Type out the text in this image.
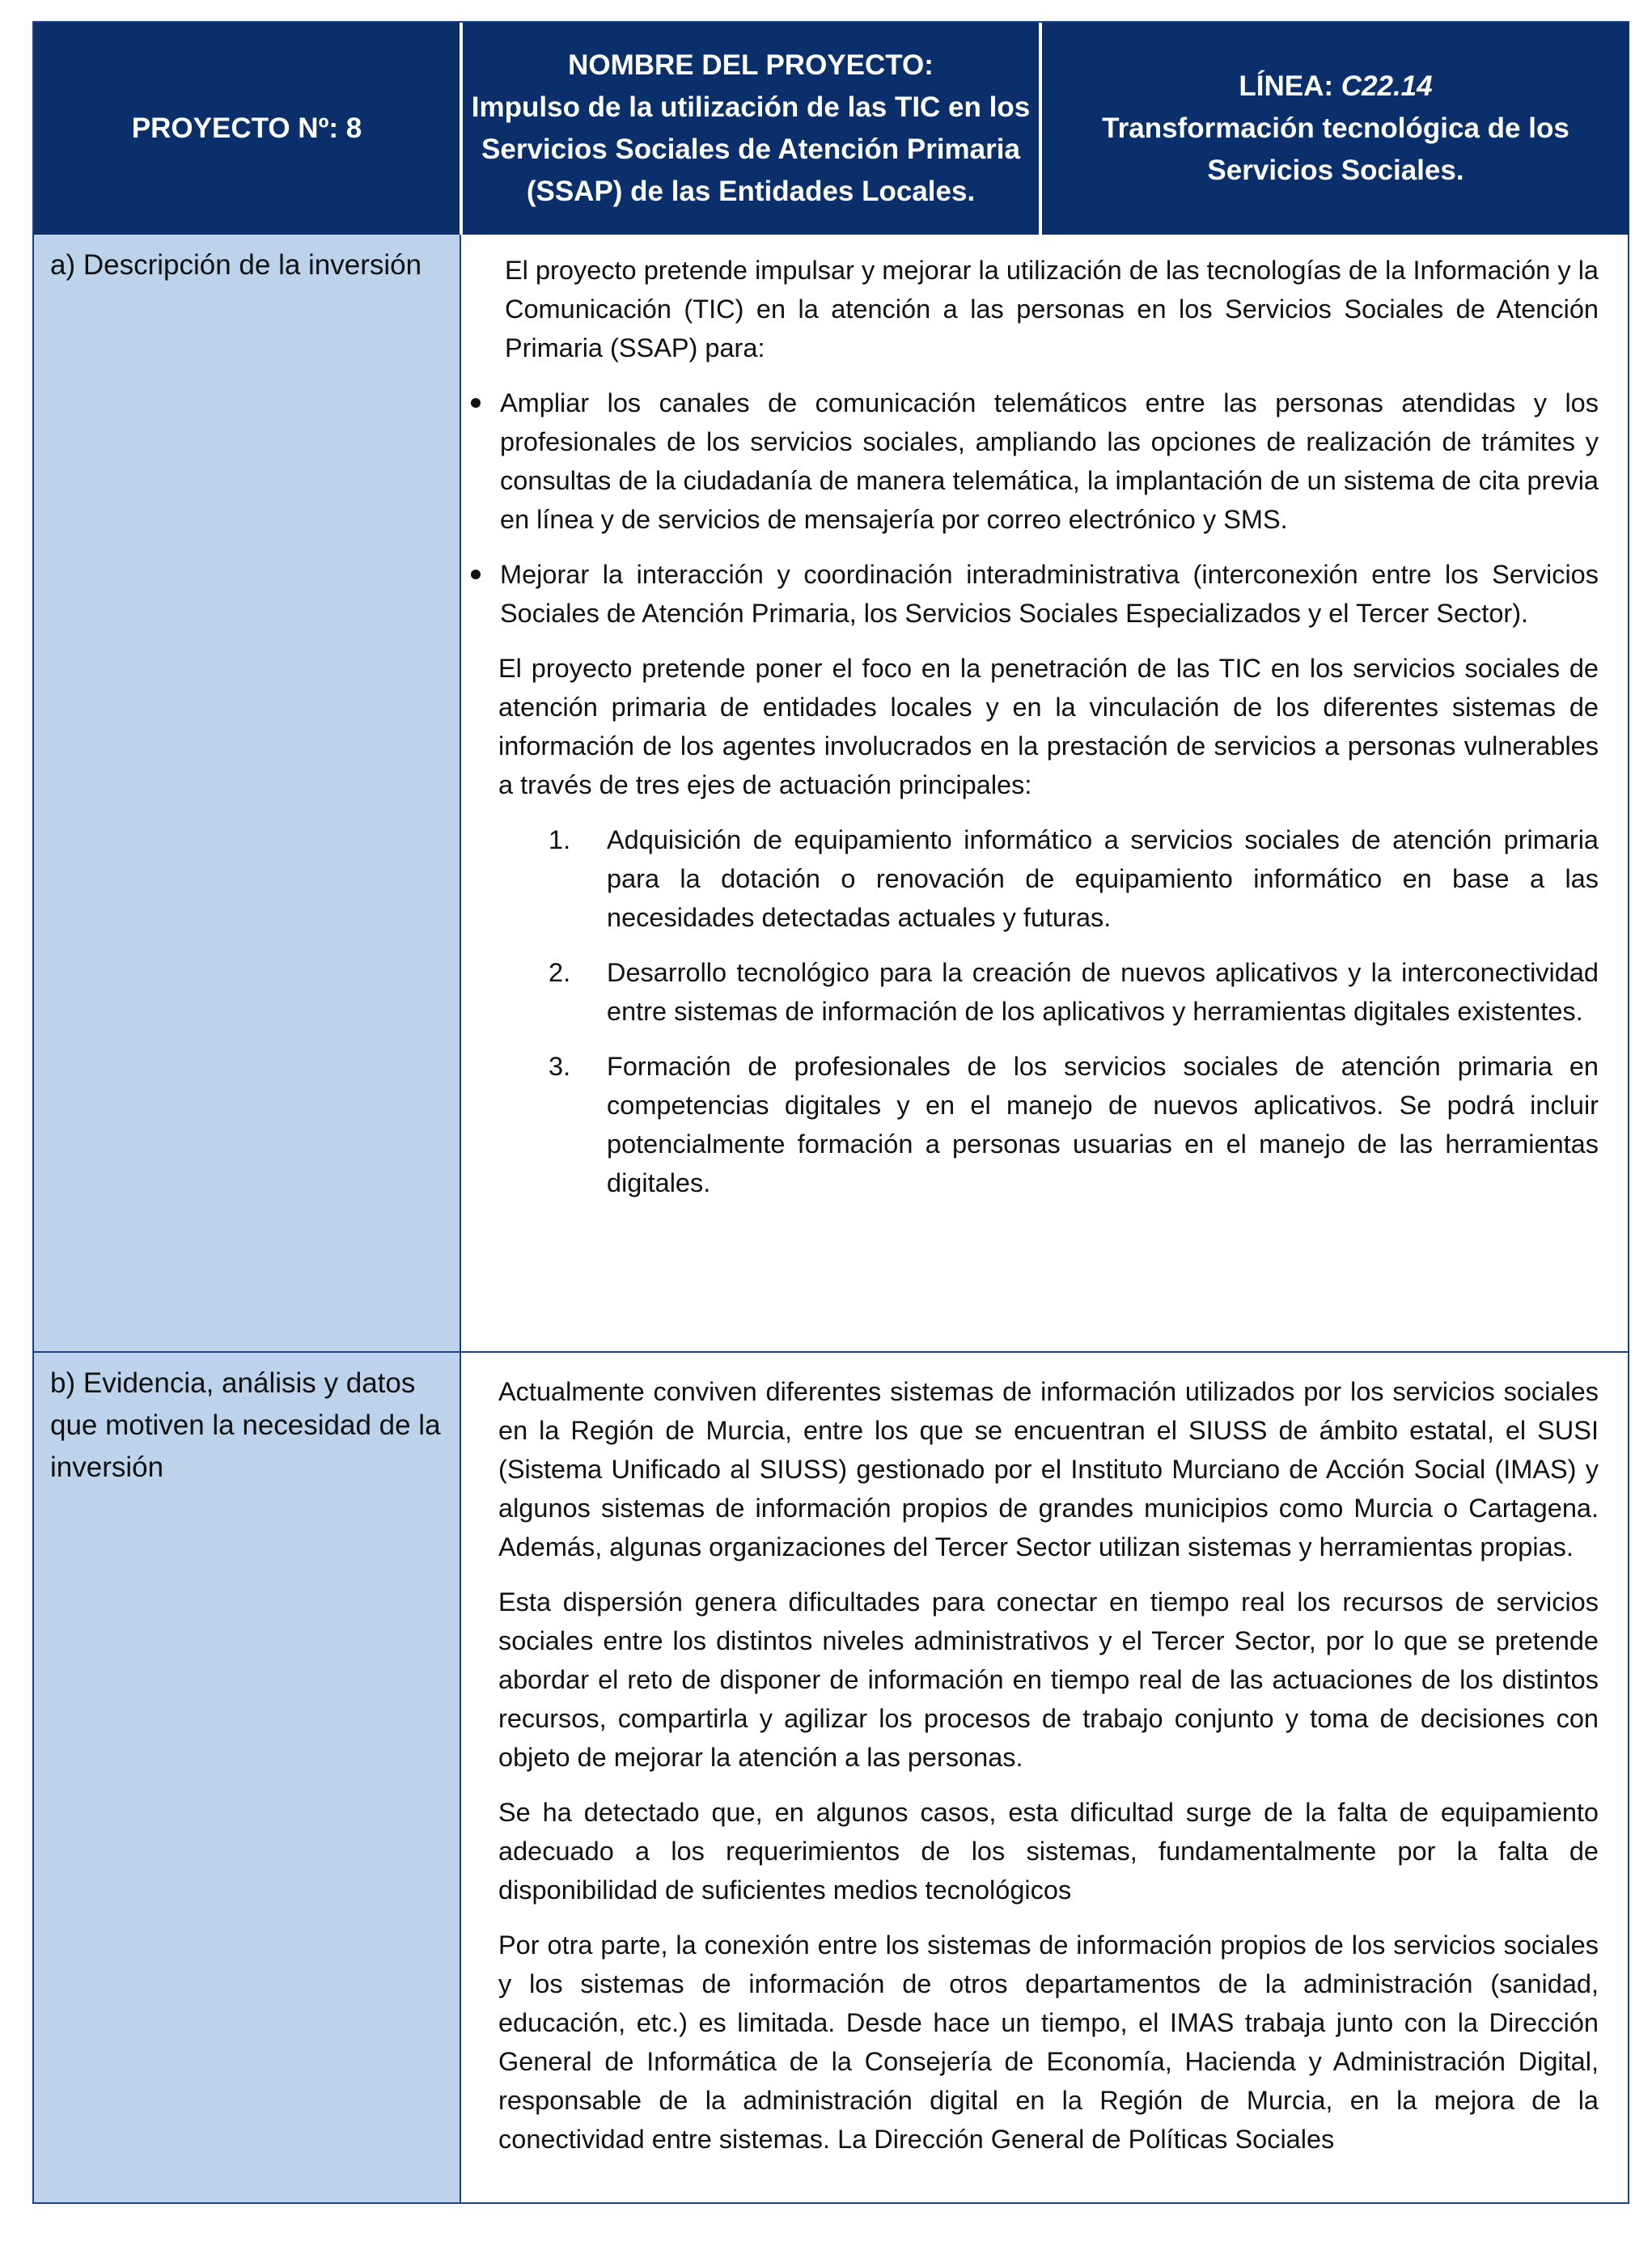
PROYECTO Nº: 8
NOMBRE DEL PROYECTO:
Impulso de la utilización de las TIC en los Servicios Sociales de Atención Primaria (SSAP) de las Entidades Locales.
LÍNEA: C22.14
Transformación tecnológica de los Servicios Sociales.
a) Descripción de la inversión
b) Evidencia, análisis y datos que motiven la necesidad de la inversión

El proyecto pretende impulsar y mejorar la utilización de las tecnologías de la Información y la Comunicación (TIC) en la atención a las personas en los Servicios Sociales de Atención Primaria (SSAP) para:

Ampliar los canales de comunicación telemáticos entre las personas atendidas y los profesionales de los servicios sociales, ampliando las opciones de realización de trámites y consultas de la ciudadanía de manera telemática, la implantación de un sistema de cita previa en línea y de servicios de mensajería por correo electrónico y SMS.
Mejorar la interacción y coordinación interadministrativa (interconexión entre los Servicios Sociales de Atención Primaria, los Servicios Sociales Especializados y el Tercer Sector).

El proyecto pretende poner el foco en la penetración de las TIC en los servicios sociales de atención primaria de entidades locales y en la vinculación de los diferentes sistemas de información de los agentes involucrados en la prestación de servicios a personas vulnerables a través de tres ejes de actuación principales:

1. Adquisición de equipamiento informático a servicios sociales de atención primaria para la dotación o renovación de equipamiento informático en base a las necesidades detectadas actuales y futuras.
2. Desarrollo tecnológico para la creación de nuevos aplicativos y la interconectividad entre sistemas de información de los aplicativos y herramientas digitales existentes.
3. Formación de profesionales de los servicios sociales de atención primaria en competencias digitales y en el manejo de nuevos aplicativos. Se podrá incluir potencialmente formación a personas usuarias en el manejo de las herramientas digitales.

Actualmente conviven diferentes sistemas de información utilizados por los servicios sociales en la Región de Murcia, entre los que se encuentran el SIUSS de ámbito estatal, el SUSI (Sistema Unificado al SIUSS) gestionado por el Instituto Murciano de Acción Social (IMAS) y algunos sistemas de información propios de grandes municipios como Murcia o Cartagena. Además, algunas organizaciones del Tercer Sector utilizan sistemas y herramientas propias.

Esta dispersión genera dificultades para conectar en tiempo real los recursos de servicios sociales entre los distintos niveles administrativos y el Tercer Sector, por lo que se pretende abordar el reto de disponer de información en tiempo real de las actuaciones de los distintos recursos, compartirla y agilizar los procesos de trabajo conjunto y toma de decisiones con objeto de mejorar la atención a las personas.

Se ha detectado que, en algunos casos, esta dificultad surge de la falta de equipamiento adecuado a los requerimientos de los sistemas, fundamentalmente por la falta de disponibilidad de suficientes medios tecnológicos

Por otra parte, la conexión entre los sistemas de información propios de los servicios sociales y los sistemas de información de otros departamentos de la administración (sanidad, educación, etc.) es limitada. Desde hace un tiempo, el IMAS trabaja junto con la Dirección General de Informática de la Consejería de Economía, Hacienda y Administración Digital, responsable de la administración digital en la Región de Murcia, en la mejora de la conectividad entre sistemas. La Dirección General de Políticas Sociales
